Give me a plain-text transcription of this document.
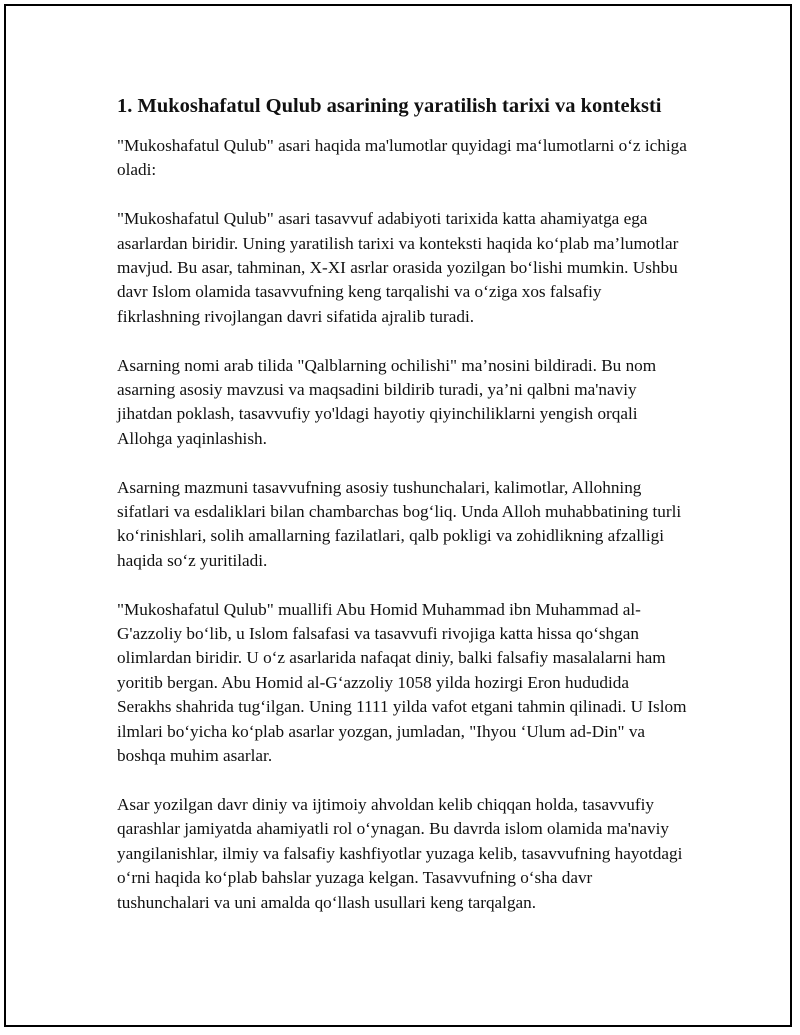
1. Mukoshafatul Qulub asarining yaratilish tarixi va konteksti

"Mukoshafatul Qulub" asari haqida ma'lumotlar quyidagi ma‘lumotlarni o‘z ichiga oladi:

"Mukoshafatul Qulub" asari tasavvuf adabiyoti tarixida katta ahamiyatga ega asarlardan biridir. Uning yaratilish tarixi va konteksti haqida ko‘plab ma’lumotlar mavjud. Bu asar, tahminan, X-XI asrlar orasida yozilgan bo‘lishi mumkin. Ushbu davr Islom olamida tasavvufning keng tarqalishi va o‘ziga xos falsafiy fikrlashning rivojlangan davri sifatida ajralib turadi.

Asarning nomi arab tilida "Qalblarning ochilishi" ma’nosini bildiradi. Bu nom asarning asosiy mavzusi va maqsadini bildirib turadi, ya’ni qalbni ma'naviy jihatdan poklash, tasavvufiy yo'ldagi hayotiy qiyinchiliklarni yengish orqali Allohga yaqinlashish.

Asarning mazmuni tasavvufning asosiy tushunchalari, kalimotlar, Allohning sifatlari va esdaliklari bilan chambarchas bog‘liq. Unda Alloh muhabbatining turli ko‘rinishlari, solih amallarning fazilatlari, qalb pokligi va zohidlikning afzalligi haqida so‘z yuritiladi.

"Mukoshafatul Qulub" muallifi Abu Homid Muhammad ibn Muhammad al-G'azzoliy bo‘lib, u Islom falsafasi va tasavvufi rivojiga katta hissa qo‘shgan olimlardan biridir. U o‘z asarlarida nafaqat diniy, balki falsafiy masalalarni ham yoritib bergan. Abu Homid al-G‘azzoliy 1058 yilda hozirgi Eron hududida Serakhs shahrida tug‘ilgan. Uning 1111 yilda vafot etgani tahmin qilinadi. U Islom ilmlari bo‘yicha ko‘plab asarlar yozgan, jumladan, "Ihyou ‘Ulum ad-Din" va boshqa muhim asarlar.

Asar yozilgan davr diniy va ijtimoiy ahvoldan kelib chiqqan holda, tasavvufiy qarashlar jamiyatda ahamiyatli rol o‘ynagan. Bu davrda islom olamida ma'naviy yangilanishlar, ilmiy va falsafiy kashfiyotlar yuzaga kelib, tasavvufning hayotdagi o‘rni haqida ko‘plab bahslar yuzaga kelgan. Tasavvufning o‘sha davr tushunchalari va uni amalda qo‘llash usullari keng tarqalgan.
